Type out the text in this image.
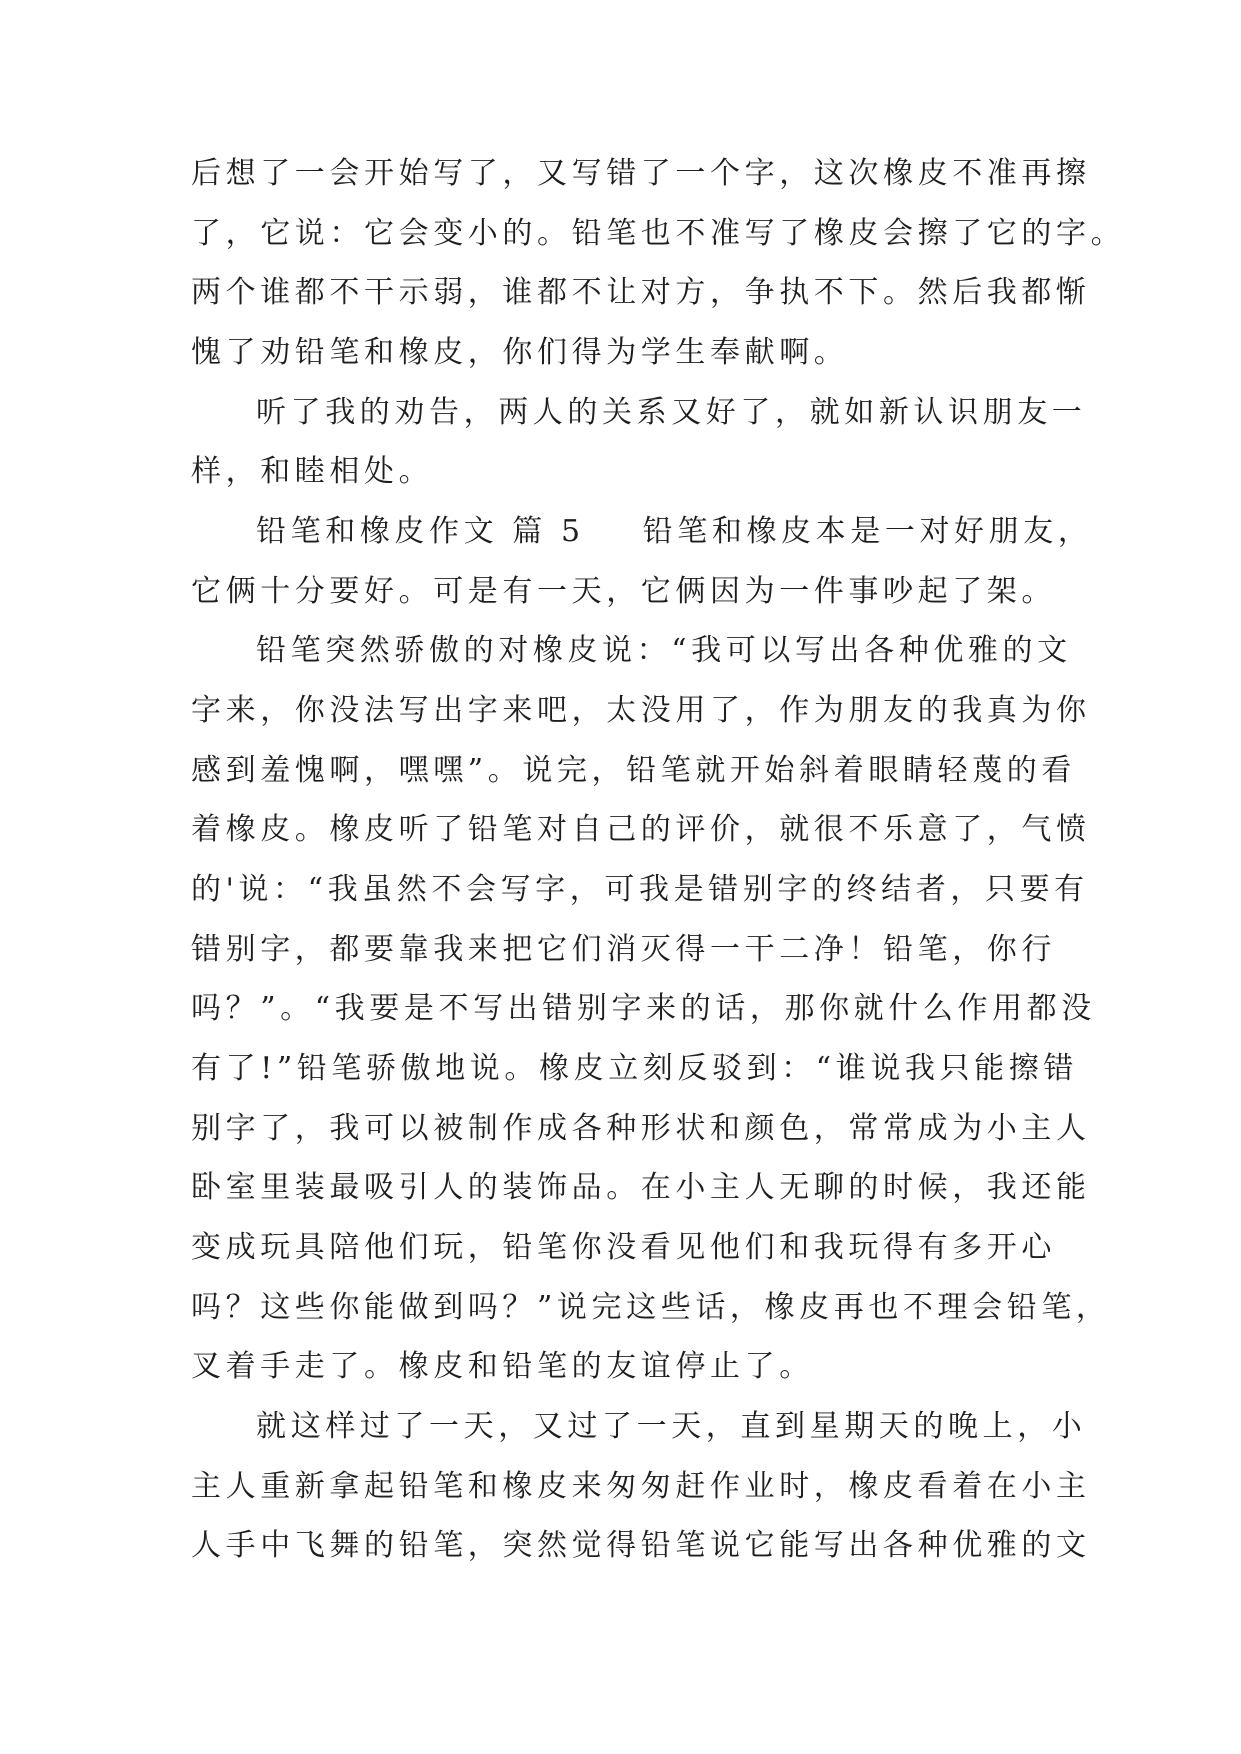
后想了一会开始写了，又写错了一个字，这次橡皮不准再擦
了，它说：它会变小的。铅笔也不准写了橡皮会擦了它的字。
两个谁都不干示弱，谁都不让对方，争执不下。然后我都惭
愧了劝铅笔和橡皮，你们得为学生奉献啊。
听了我的劝告，两人的关系又好了，就如新认识朋友一
样，和睦相处。
铅笔和橡皮作文 篇 5 铅笔和橡皮本是一对好朋友，
它俩十分要好。可是有一天，它俩因为一件事吵起了架。
铅笔突然骄傲的对橡皮说：“我可以写出各种优雅的文
字来，你没法写出字来吧，太没用了，作为朋友的我真为你
感到羞愧啊，嘿嘿”。说完，铅笔就开始斜着眼睛轻蔑的看
着橡皮。橡皮听了铅笔对自己的评价，就很不乐意了，气愤
的'说：“我虽然不会写字，可我是错别字的终结者，只要有
错别字，都要靠我来把它们消灭得一干二净！铅笔，你行
吗？”。“我要是不写出错别字来的话，那你就什么作用都没
有了!”铅笔骄傲地说。橡皮立刻反驳到：“谁说我只能擦错
别字了，我可以被制作成各种形状和颜色，常常成为小主人
卧室里装最吸引人的装饰品。在小主人无聊的时候，我还能
变成玩具陪他们玩，铅笔你没看见他们和我玩得有多开心
吗？这些你能做到吗？”说完这些话，橡皮再也不理会铅笔，
叉着手走了。橡皮和铅笔的友谊停止了。
就这样过了一天，又过了一天，直到星期天的晚上，小
主人重新拿起铅笔和橡皮来匆匆赶作业时，橡皮看着在小主
人手中飞舞的铅笔，突然觉得铅笔说它能写出各种优雅的文
